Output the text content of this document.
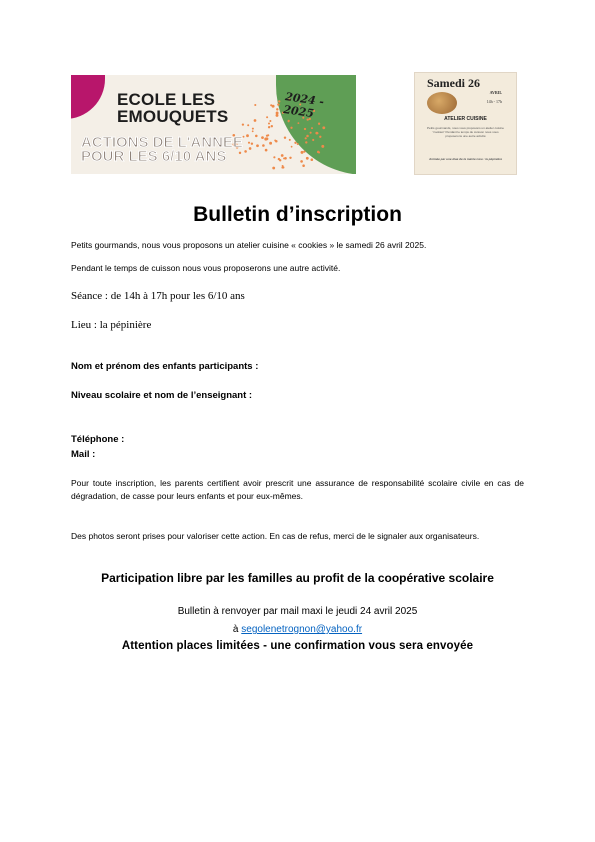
ECOLE LES
EMOUQUETS
2024 - 2025
ACTIONS DE L'ANNEE
POUR LES 6/10 ANS
Samedi 26
AVRIL
14h - 17h
ATELIER CUISINE
Petits gourmands, nous vous proposons un atelier cuisine "cookies" Pendant le temps de cuisson nous vous proposerons une autre activité
Animée par une élue de la mairie Lieu : la pépinière
Bulletin d’inscription
Petits gourmands, nous vous proposons un atelier cuisine « cookies » le samedi 26 avril 2025.
Pendant le temps de cuisson nous vous proposerons une autre activité.
Séance : de 14h à 17h pour les 6/10 ans
Lieu : la pépinière
Nom et prénom des enfants participants :
Niveau scolaire et nom de l’enseignant :
Téléphone :
Mail :
Pour toute inscription, les parents certifient avoir prescrit une assurance de responsabilité scolaire civile en cas de dégradation, de casse pour leurs enfants et pour eux-mêmes.
Des photos seront prises pour valoriser cette action. En cas de refus, merci de le signaler aux organisateurs.
Participation libre par les familles au profit de la coopérative scolaire
Bulletin à renvoyer par mail maxi le jeudi 24 avril 2025
à segolenetrognon@yahoo.fr
Attention places limitées - une confirmation vous sera envoyée
